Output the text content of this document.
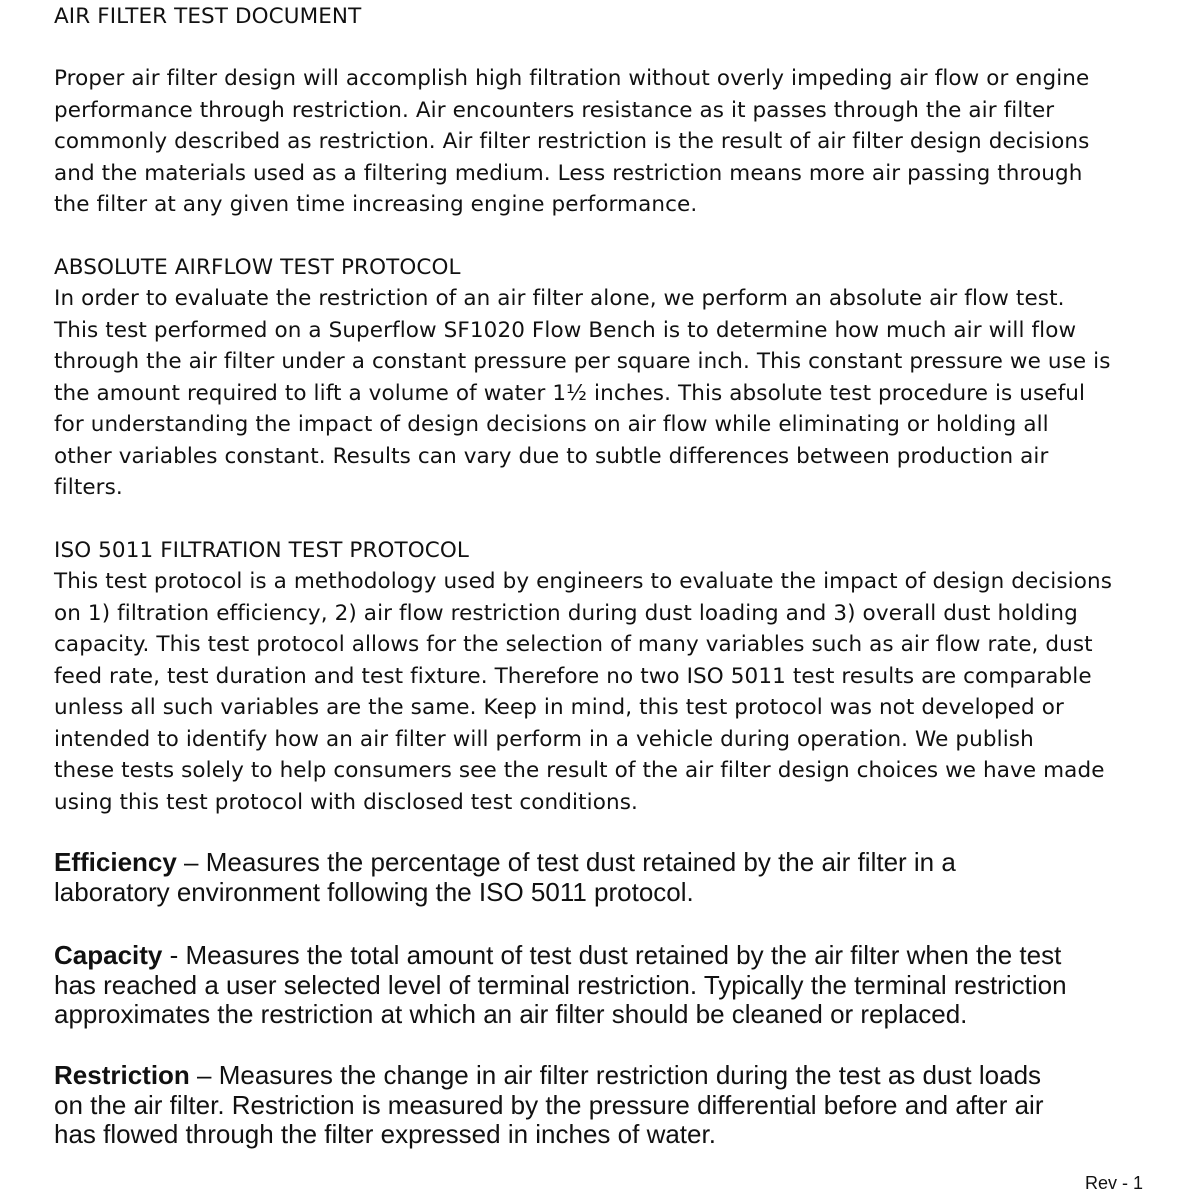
AIR FILTER TEST DOCUMENT
Proper air filter design will accomplish high filtration without overly impeding air flow or engine
performance through restriction. Air encounters resistance as it passes through the air filter
commonly described as restriction. Air filter restriction is the result of air filter design decisions
and the materials used as a filtering medium. Less restriction means more air passing through
the filter at any given time increasing engine performance.
ABSOLUTE AIRFLOW TEST PROTOCOL
In order to evaluate the restriction of an air filter alone, we perform an absolute air flow test.
This test performed on a Superflow SF1020 Flow Bench is to determine how much air will flow
through the air filter under a constant pressure per square inch. This constant pressure we use is
the amount required to lift a volume of water 1½ inches. This absolute test procedure is useful
for understanding the impact of design decisions on air flow while eliminating or holding all
other variables constant. Results can vary due to subtle differences between production air
filters.
ISO 5011 FILTRATION TEST PROTOCOL
This test protocol is a methodology used by engineers to evaluate the impact of design decisions
on 1) filtration efficiency, 2) air flow restriction during dust loading and 3) overall dust holding
capacity. This test protocol allows for the selection of many variables such as air flow rate, dust
feed rate, test duration and test fixture. Therefore no two ISO 5011 test results are comparable
unless all such variables are the same. Keep in mind, this test protocol was not developed or
intended to identify how an air filter will perform in a vehicle during operation. We publish
these tests solely to help consumers see the result of the air filter design choices we have made
using this test protocol with disclosed test conditions.
Efficiency – Measures the percentage of test dust retained by the air filter in a
laboratory environment following the ISO 5011 protocol.
Capacity - Measures the total amount of test dust retained by the air filter when the test
has reached a user selected level of terminal restriction. Typically the terminal restriction
approximates the restriction at which an air filter should be cleaned or replaced.
Restriction – Measures the change in air filter restriction during the test as dust loads
on the air filter. Restriction is measured by the pressure differential before and after air
has flowed through the filter expressed in inches of water.
Rev - 1
